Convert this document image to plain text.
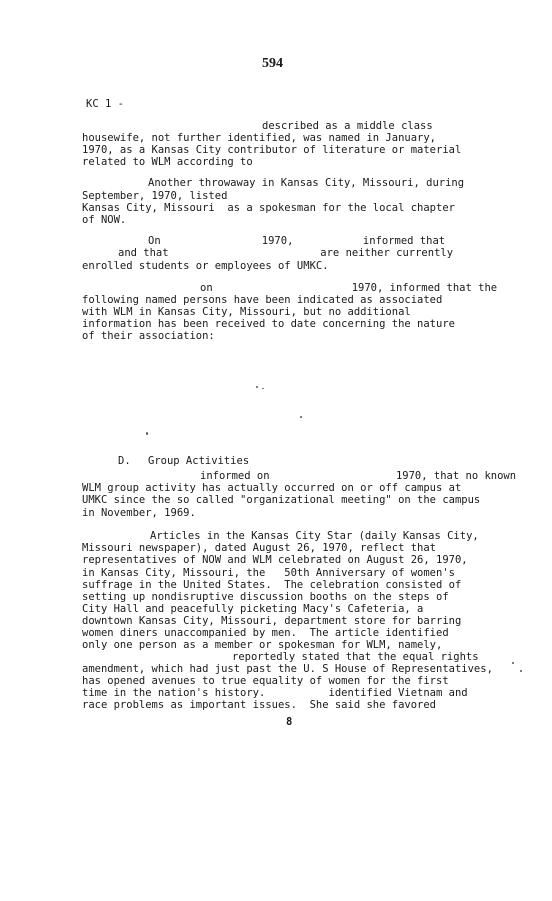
594
KC 1 -
described as a middle class
housewife, not further identified, was named in January,
1970, as a Kansas City contributor of literature or material
related to WLM according to
Another throwaway in Kansas City, Missouri, during
September, 1970, listed
Kansas City, Missouri  as a spokesman for the local chapter
of NOW.
On                1970,           informed that
and that                        are neither currently
enrolled students or employees of UMKC.
on                      1970, informed that the
following named persons have been indicated as associated
with WLM in Kansas City, Missouri, but no additional
information has been received to date concerning the nature
of their association:
D. Group Activities
informed on                    1970, that no known
WLM group activity has actually occurred on or off campus at
UMKC since the so called "organizational meeting" on the campus
in November, 1969.
Articles in the Kansas City Star (daily Kansas City,
Missouri newspaper), dated August 26, 1970, reflect that
representatives of NOW and WLM celebrated on August 26, 1970,
in Kansas City, Missouri, the   50th Anniversary of women's
suffrage in the United States.  The celebration consisted of
setting up nondisruptive discussion booths on the steps of
City Hall and peacefully picketing Macy's Cafeteria, a
downtown Kansas City, Missouri, department store for barring
women diners unaccompanied by men.  The article identified
only one person as a member or spokesman for WLM, namely,
reportedly stated that the equal rights
amendment, which had just past the U. S House of Representatives,
has opened avenues to true equality of women for the first
time in the nation's history.          identified Vietnam and
race problems as important issues.  She said she favored
8
